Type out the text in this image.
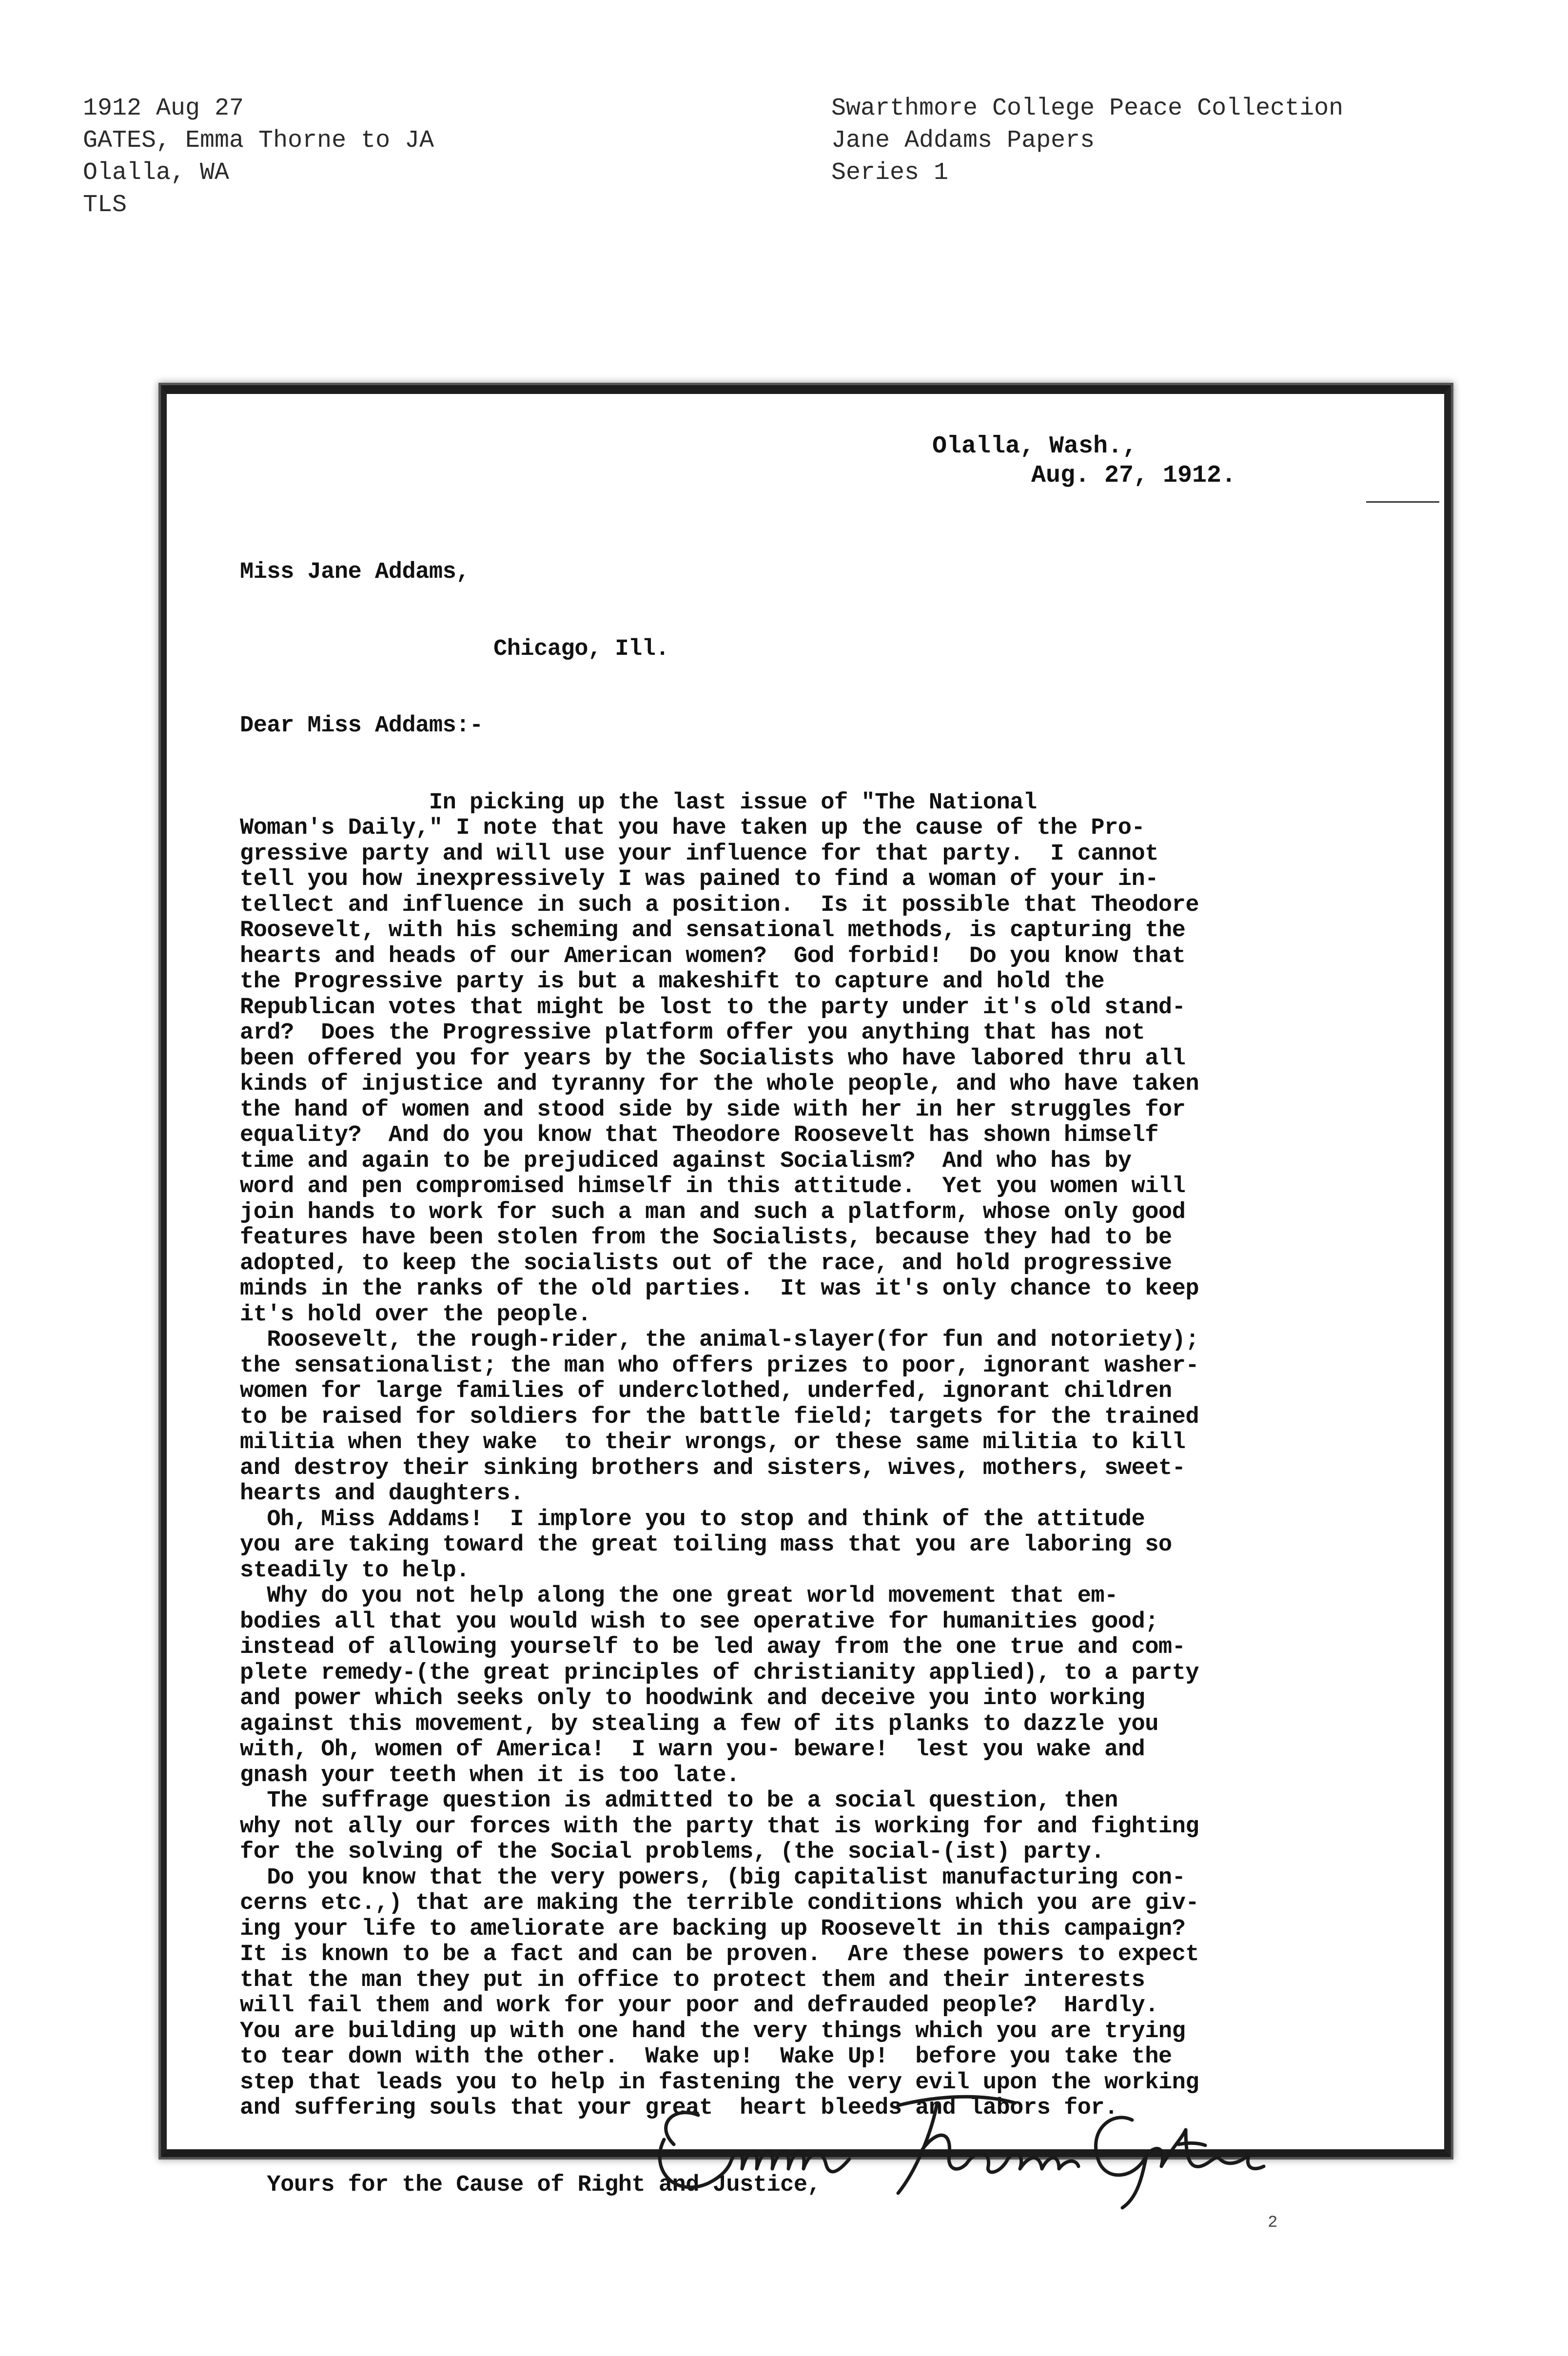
1912 Aug 27
GATES, Emma Thorne to JA
Olalla, WA
TLS
Swarthmore College Peace Collection
Jane Addams Papers
Series 1
Olalla, Wash.,
Aug. 27, 1912.

Miss Jane Addams,

Chicago, Ill.

Dear Miss Addams:-

In picking up the last issue of "The National
Woman's Daily," I note that you have taken up the cause of the Pro-
gressive party and will use your influence for that party.  I cannot
tell you how inexpressively I was pained to find a woman of your in-
tellect and influence in such a position.  Is it possible that Theodore
Roosevelt, with his scheming and sensational methods, is capturing the
hearts and heads of our American women?  God forbid!  Do you know that
the Progressive party is but a makeshift to capture and hold the
Republican votes that might be lost to the party under it's old stand-
ard?  Does the Progressive platform offer you anything that has not
been offered you for years by the Socialists who have labored thru all
kinds of injustice and tyranny for the whole people, and who have taken
the hand of women and stood side by side with her in her struggles for
equality?  And do you know that Theodore Roosevelt has shown himself
time and again to be prejudiced against Socialism?  And who has by
word and pen compromised himself in this attitude.  Yet you women will
join hands to work for such a man and such a platform, whose only good
features have been stolen from the Socialists, because they had to be
adopted, to keep the socialists out of the race, and hold progressive
minds in the ranks of the old parties.  It was it's only chance to keep
it's hold over the people.
Roosevelt, the rough-rider, the animal-slayer(for fun and notoriety);
the sensationalist; the man who offers prizes to poor, ignorant washer-
women for large families of underclothed, underfed, ignorant children
to be raised for soldiers for the battle field; targets for the trained
militia when they wake  to their wrongs, or these same militia to kill
and destroy their sinking brothers and sisters, wives, mothers, sweet-
hearts and daughters.
Oh, Miss Addams!  I implore you to stop and think of the attitude
you are taking toward the great toiling mass that you are laboring so
steadily to help.
Why do you not help along the one great world movement that em-
bodies all that you would wish to see operative for humanities good;
instead of allowing yourself to be led away from the one true and com-
plete remedy-(the great principles of christianity applied), to a party
and power which seeks only to hoodwink and deceive you into working
against this movement, by stealing a few of its planks to dazzle you
with, Oh, women of America!  I warn you- beware!  lest you wake and
gnash your teeth when it is too late.
The suffrage question is admitted to be a social question, then
why not ally our forces with the party that is working for and fighting
for the solving of the Social problems, (the social-(ist) party.
Do you know that the very powers, (big capitalist manufacturing con-
cerns etc.,) that are making the terrible conditions which you are giv-
ing your life to ameliorate are backing up Roosevelt in this campaign?
It is known to be a fact and can be proven.  Are these powers to expect
that the man they put in office to protect them and their interests
will fail them and work for your poor and defrauded people?  Hardly.
You are building up with one hand the very things which you are trying
to tear down with the other.  Wake up!  Wake Up!  before you take the
step that leads you to help in fastening the very evil upon the working
and suffering souls that your great  heart bleeds and labors for.

Yours for the Cause of Right and Justice,

2
